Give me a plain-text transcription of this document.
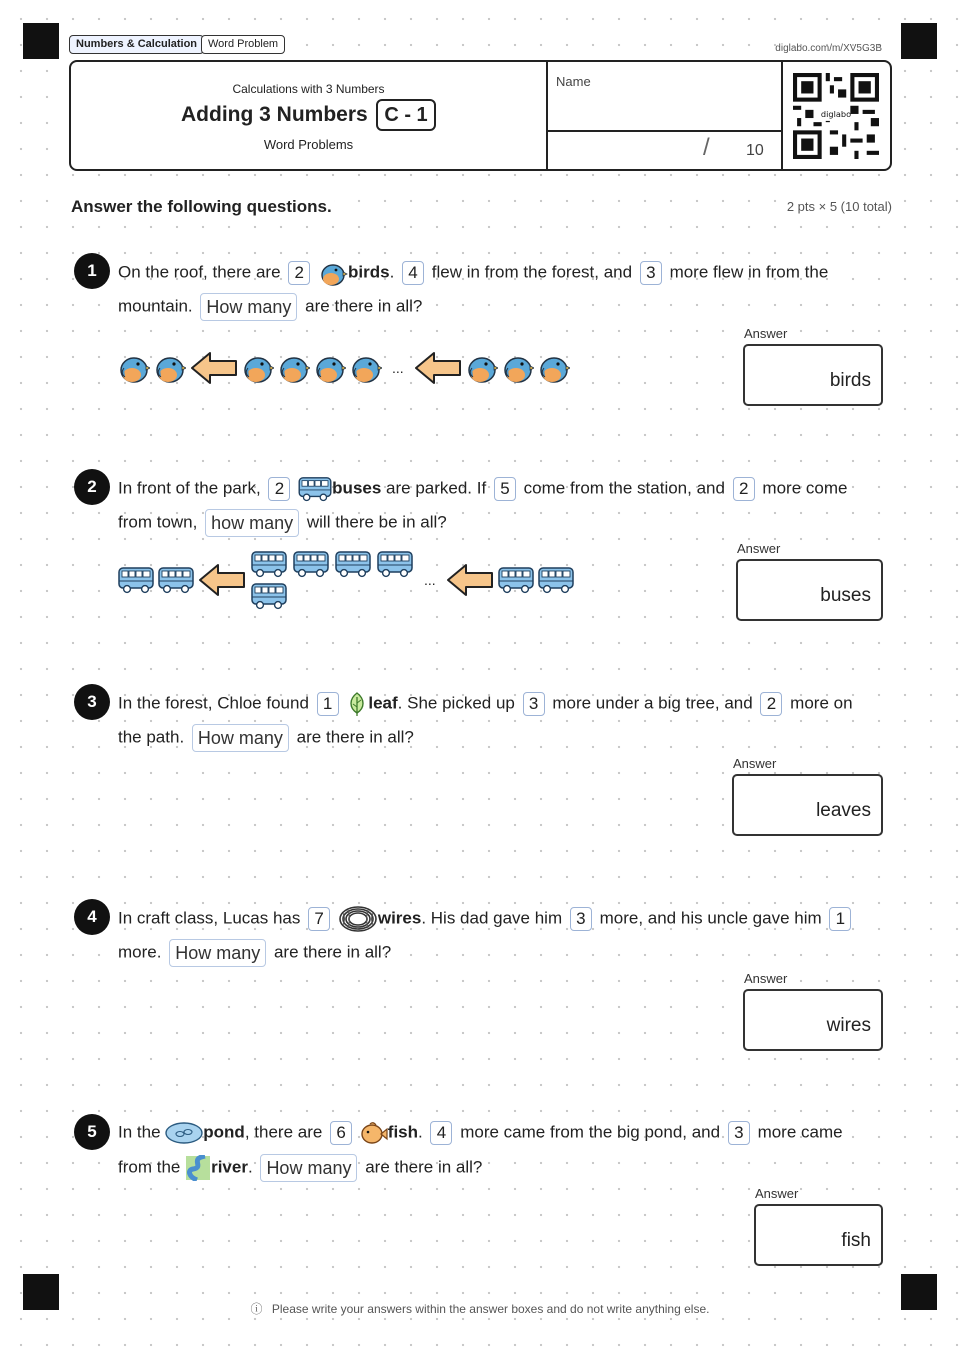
Numbers & Calculation Word Problem	diglabo.com/m/XV5G3B
Calculations with 3 Numbers
Adding 3 Numbers C - 1
Word Problems
Name
/ 10
diglabo
Answer the following questions.	2 pts × 5 (10 total)
1	On the roof, there are 2	birds. 4 flew in from the forest, and 3 more flew in from the
mountain. How many are there in all?
...
Answer
birds
2	In front of the park, 2	buses are parked. If 5 come from the station, and 2 more come
from town, how many will there be in all?
...
Answer
buses
3	In the forest, Chloe found 1 leaf. She picked up 3 more under a big tree, and 2 more on
the path. How many are there in all?
Answer
leaves
4	In craft class, Lucas has 7	wires. His dad gave him 3 more, and his uncle gave him 1
more. How many are there in all?
Answer
wires
5	In the	pond, there are 6 fish. 4 more came from the big pond, and 3 more came
from the river. How many are there in all?
Answer
fish
ⓘ Please write your answers within the answer boxes and do not write anything else.
